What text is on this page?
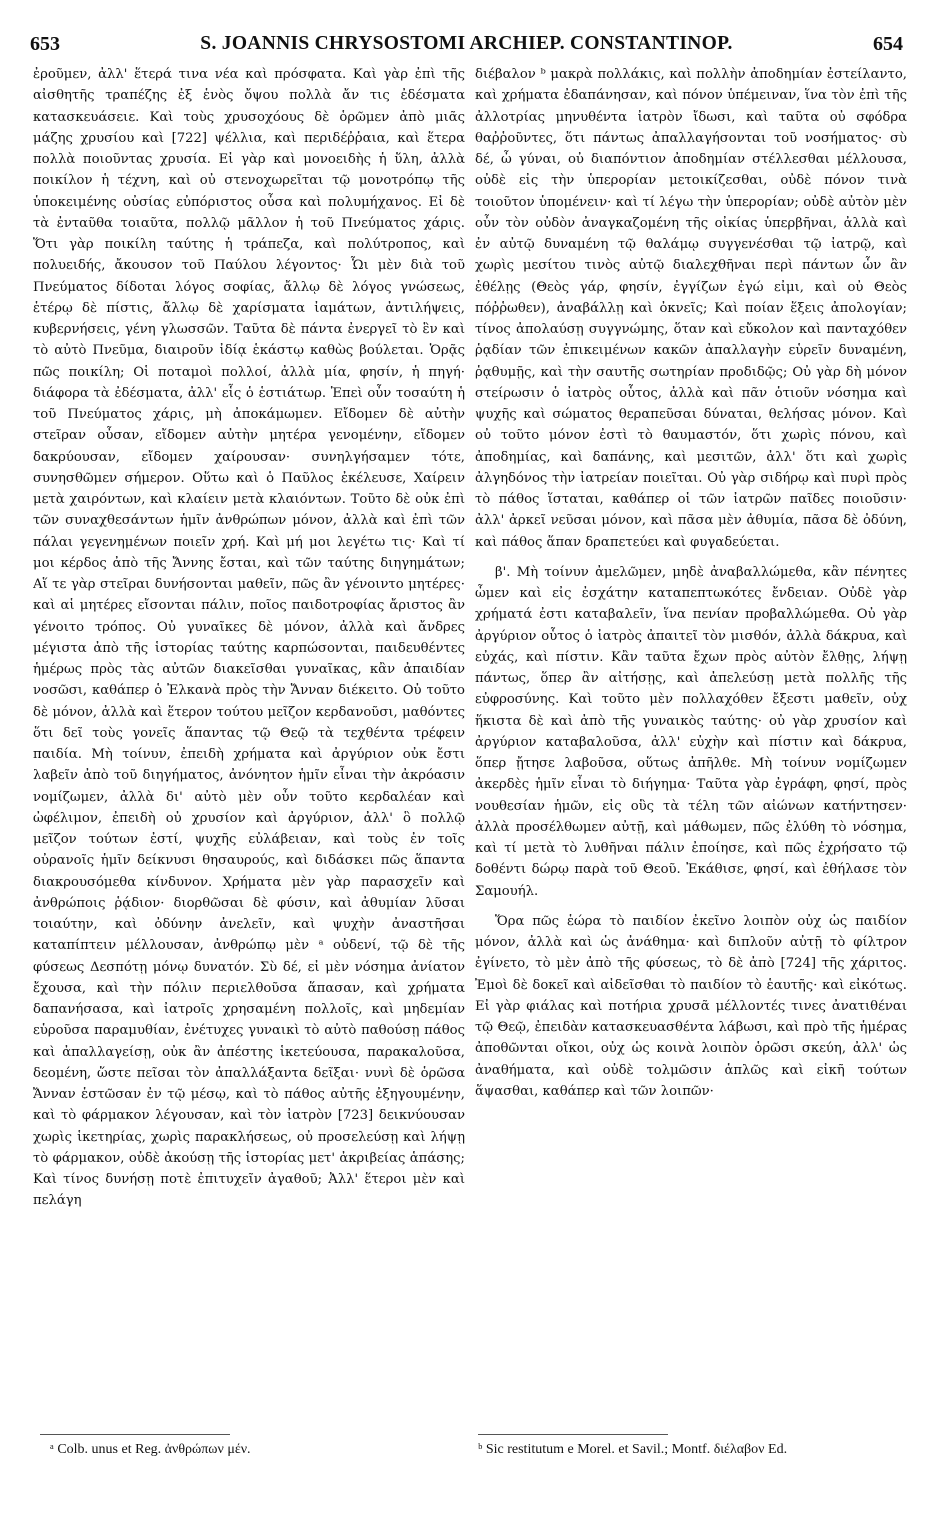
653	S. JOANNIS CHRYSOSTOMI ARCHIEP. CONSTANTINOP.	654

ἐροῦμεν, ἀλλ' ἕτερά τινα νέα καὶ πρόσφατα. Καὶ γὰρ ἐπὶ τῆς αἰσθητῆς τραπέζης ἐξ ἑνὸς ὄψου πολλὰ ἄν τις ἐδέσματα κατασκευάσειε. Καὶ τοὺς χρυσοχόους δὲ ὁρῶμεν ἀπὸ μιᾶς μάζης χρυσίου καὶ [722] ψέλλια, καὶ περιδέῤῥαια, καὶ ἕτερα πολλὰ ποιοῦντας χρυσία. Εἰ γὰρ καὶ μονοειδὴς ἡ ὕλη, ἀλλὰ ποικίλον ἡ τέχνη, καὶ οὐ στενοχωρεῖται τῷ μονοτρόπῳ τῆς ὑποκειμένης οὐσίας εὐπόριστος οὖσα καὶ πολυμήχανος. Εἰ δὲ τὰ ἐνταῦθα τοιαῦτα, πολλῷ μᾶλλον ἡ τοῦ Πνεύματος χάρις. Ὅτι γὰρ ποικίλη ταύτης ἡ τράπεζα, καὶ πολύτροπος, καὶ πολυειδής, ἄκουσον τοῦ Παύλου λέγοντος· Ὧι μὲν διὰ τοῦ Πνεύματος δίδοται λόγος σοφίας, ἄλλῳ δὲ λόγος γνώσεως, ἑτέρῳ δὲ πίστις, ἄλλῳ δὲ χαρίσματα ἰαμάτων, ἀντιλήψεις, κυβερνήσεις, γένη γλωσσῶν. Ταῦτα δὲ πάντα ἐνεργεῖ τὸ ἓν καὶ τὸ αὐτὸ Πνεῦμα, διαιροῦν ἰδίᾳ ἑκάστῳ καθὼς βούλεται. Ὁρᾷς πῶς ποικίλη; Οἱ ποταμοὶ πολλοί, ἀλλὰ μία, φησίν, ἡ πηγή· διάφορα τὰ ἐδέσματα, ἀλλ' εἷς ὁ ἑστιάτωρ. Ἐπεὶ οὖν τοσαύτη ἡ τοῦ Πνεύματος χάρις, μὴ ἀποκάμωμεν. Εἴδομεν δὲ αὐτὴν στεῖραν οὖσαν, εἴδομεν αὐτὴν μητέρα γενομένην, εἴδομεν δακρύουσαν, εἴδομεν χαίρουσαν· συνηλγήσαμεν τότε, συνησθῶμεν σήμερον. Οὕτω καὶ ὁ Παῦλος ἐκέλευσε, Χαίρειν μετὰ χαιρόντων, καὶ κλαίειν μετὰ κλαιόντων. Τοῦτο δὲ οὐκ ἐπὶ τῶν συναχθεσάντων ἡμῖν ἀνθρώπων μόνον, ἀλλὰ καὶ ἐπὶ τῶν πάλαι γεγενημένων ποιεῖν χρή. Καὶ μή μοι λεγέτω τις· Καὶ τί μοι κέρδος ἀπὸ τῆς Ἄννης ἔσται, καὶ τῶν ταύτης διηγημάτων; Αἵ τε γὰρ στεῖραι δυνήσονται μαθεῖν, πῶς ἂν γένοιντο μητέρες· καὶ αἱ μητέρες εἴσονται πάλιν, ποῖος παιδοτροφίας ἄριστος ἂν γένοιτο τρόπος. Οὐ γυναῖκες δὲ μόνον, ἀλλὰ καὶ ἄνδρες μέγιστα ἀπὸ τῆς ἱστορίας ταύτης καρπώσονται, παιδευθέντες ἡμέρως πρὸς τὰς αὐτῶν διακεῖσθαι γυναῖκας, κἂν ἀπαιδίαν νοσῶσι, καθάπερ ὁ Ἐλκανὰ πρὸς τὴν Ἄνναν διέκειτο. Οὐ τοῦτο δὲ μόνον, ἀλλὰ καὶ ἕτερον τούτου μεῖζον κερδανοῦσι, μαθόντες ὅτι δεῖ τοὺς γονεῖς ἅπαντας τῷ Θεῷ τὰ τεχθέντα τρέφειν παιδία. Μὴ τοίνυν, ἐπειδὴ χρήματα καὶ ἀργύριον οὐκ ἔστι λαβεῖν ἀπὸ τοῦ διηγήματος, ἀνόνητον ἡμῖν εἶναι τὴν ἀκρόασιν νομίζωμεν, ἀλλὰ δι' αὐτὸ μὲν οὖν τοῦτο κερδαλέαν καὶ ὠφέλιμον, ἐπειδὴ οὐ χρυσίον καὶ ἀργύριον, ἀλλ' ὃ πολλῷ μεῖζον τούτων ἐστί, ψυχῆς εὐλάβειαν, καὶ τοὺς ἐν τοῖς οὐρανοῖς ἡμῖν δείκνυσι θησαυρούς, καὶ διδάσκει πῶς ἅπαντα διακρουσόμεθα κίνδυνον. Χρήματα μὲν γὰρ παρασχεῖν καὶ ἀνθρώποις ῥᾴδιον· διορθῶσαι δὲ φύσιν, καὶ ἀθυμίαν λῦσαι τοιαύτην, καὶ ὀδύνην ἀνελεῖν, καὶ ψυχὴν ἀναστῆσαι καταπίπτειν μέλλουσαν, ἀνθρώπῳ μὲν ᵃ οὐδενί, τῷ δὲ τῆς φύσεως Δεσπότῃ μόνῳ δυνατόν. Σὺ δέ, εἰ μὲν νόσημα ἀνίατον ἔχουσα, καὶ τὴν πόλιν περιελθοῦσα ἅπασαν, καὶ χρήματα δαπανήσασα, καὶ ἰατροῖς χρησαμένη πολλοῖς, καὶ μηδεμίαν εὑροῦσα παραμυθίαν, ἐνέτυχες γυναικὶ τὸ αὐτὸ παθούσῃ πάθος καὶ ἀπαλλαγείσῃ, οὐκ ἂν ἀπέστης ἱκετεύουσα, παρακαλοῦσα, δεομένη, ὥστε πεῖσαι τὸν ἀπαλλάξαντα δεῖξαι· νυνὶ δὲ ὁρῶσα Ἄνναν ἑστῶσαν ἐν τῷ μέσῳ, καὶ τὸ πάθος αὐτῆς ἐξηγουμένην, καὶ τὸ φάρμακον λέγουσαν, καὶ τὸν ἰατρὸν [723] δεικνύουσαν χωρὶς ἱκετηρίας, χωρὶς παρακλήσεως, οὐ προσελεύσῃ καὶ λήψῃ τὸ φάρμακον, οὐδὲ ἀκούσῃ τῆς ἱστορίας μετ' ἀκριβείας ἁπάσης; Καὶ τίνος δυνήσῃ ποτὲ ἐπιτυχεῖν ἀγαθοῦ; Ἀλλ' ἕτεροι μὲν καὶ πελάγη

διέβαλον ᵇ μακρὰ πολλάκις, καὶ πολλὴν ἀποδημίαν ἐστείλαντο, καὶ χρήματα ἐδαπάνησαν, καὶ πόνον ὑπέμειναν, ἵνα τὸν ἐπὶ τῆς ἀλλοτρίας μηνυθέντα ἰατρὸν ἴδωσι, καὶ ταῦτα οὐ σφόδρα θαῤῥοῦντες, ὅτι πάντως ἀπαλλαγήσονται τοῦ νοσήματος· σὺ δέ, ὦ γύναι, οὐ διαπόντιον ἀποδημίαν στέλλεσθαι μέλλουσα, οὐδὲ εἰς τὴν ὑπερορίαν μετοικίζεσθαι, οὐδὲ πόνον τινὰ τοιοῦτον ὑπομένειν· καὶ τί λέγω τὴν ὑπερορίαν; οὐδὲ αὐτὸν μὲν οὖν τὸν οὐδὸν ἀναγκαζομένη τῆς οἰκίας ὑπερβῆναι, ἀλλὰ καὶ ἐν αὐτῷ δυναμένη τῷ θαλάμῳ συγγενέσθαι τῷ ἰατρῷ, καὶ χωρὶς μεσίτου τινὸς αὐτῷ διαλεχθῆναι περὶ πάντων ὧν ἂν ἐθέλῃς (Θεὸς γάρ, φησίν, ἐγγίζων ἐγώ εἰμι, καὶ οὐ Θεὸς πόῤῥωθεν), ἀναβάλλῃ καὶ ὀκνεῖς; Καὶ ποίαν ἕξεις ἀπολογίαν; τίνος ἀπολαύσῃ συγγνώμης, ὅταν καὶ εὔκολον καὶ πανταχόθεν ῥᾳδίαν τῶν ἐπικειμένων κακῶν ἀπαλλαγὴν εὑρεῖν δυναμένη, ῥᾳθυμῇς, καὶ τὴν σαυτῆς σωτηρίαν προδιδῷς; Οὐ γὰρ δὴ μόνον στείρωσιν ὁ ἰατρὸς οὗτος, ἀλλὰ καὶ πᾶν ὁτιοῦν νόσημα καὶ ψυχῆς καὶ σώματος θεραπεῦσαι δύναται, θελήσας μόνον. Καὶ οὐ τοῦτο μόνον ἐστὶ τὸ θαυμαστόν, ὅτι χωρὶς πόνου, καὶ ἀποδημίας, καὶ δαπάνης, καὶ μεσιτῶν, ἀλλ' ὅτι καὶ χωρὶς ἀλγηδόνος τὴν ἰατρείαν ποιεῖται. Οὐ γὰρ σιδήρῳ καὶ πυρὶ πρὸς τὸ πάθος ἵσταται, καθάπερ οἱ τῶν ἰατρῶν παῖδες ποιοῦσιν· ἀλλ' ἀρκεῖ νεῦσαι μόνον, καὶ πᾶσα μὲν ἀθυμία, πᾶσα δὲ ὀδύνη, καὶ πάθος ἅπαν δραπετεύει καὶ φυγαδεύεται.

β'. Μὴ τοίνυν ἀμελῶμεν, μηδὲ ἀναβαλλώμεθα, κἂν πένητες ὦμεν καὶ εἰς ἐσχάτην καταπεπτωκότες ἔνδειαν. Οὐδὲ γὰρ χρήματά ἐστι καταβαλεῖν, ἵνα πενίαν προβαλλώμεθα. Οὐ γὰρ ἀργύριον οὗτος ὁ ἰατρὸς ἀπαιτεῖ τὸν μισθόν, ἀλλὰ δάκρυα, καὶ εὐχάς, καὶ πίστιν. Κἂν ταῦτα ἔχων πρὸς αὐτὸν ἔλθῃς, λήψῃ πάντως, ὅπερ ἂν αἰτήσῃς, καὶ ἀπελεύσῃ μετὰ πολλῆς τῆς εὐφροσύνης. Καὶ τοῦτο μὲν πολλαχόθεν ἔξεστι μαθεῖν, οὐχ ἥκιστα δὲ καὶ ἀπὸ τῆς γυναικὸς ταύτης· οὐ γὰρ χρυσίον καὶ ἀργύριον καταβαλοῦσα, ἀλλ' εὐχὴν καὶ πίστιν καὶ δάκρυα, ὅπερ ᾔτησε λαβοῦσα, οὕτως ἀπῆλθε. Μὴ τοίνυν νομίζωμεν ἀκερδὲς ἡμῖν εἶναι τὸ διήγημα· Ταῦτα γὰρ ἐγράφη, φησί, πρὸς νουθεσίαν ἡμῶν, εἰς οὓς τὰ τέλη τῶν αἰώνων κατήντησεν· ἀλλὰ προσέλθωμεν αὐτῇ, καὶ μάθωμεν, πῶς ἐλύθη τὸ νόσημα, καὶ τί μετὰ τὸ λυθῆναι πάλιν ἐποίησε, καὶ πῶς ἐχρήσατο τῷ δοθέντι δώρῳ παρὰ τοῦ Θεοῦ. Ἐκάθισε, φησί, καὶ ἐθήλασε τὸν Σαμουήλ.

Ὅρα πῶς ἑώρα τὸ παιδίον ἐκεῖνο λοιπὸν οὐχ ὡς παιδίον μόνον, ἀλλὰ καὶ ὡς ἀνάθημα· καὶ διπλοῦν αὐτῇ τὸ φίλτρον ἐγίνετο, τὸ μὲν ἀπὸ τῆς φύσεως, τὸ δὲ ἀπὸ [724] τῆς χάριτος. Ἐμοὶ δὲ δοκεῖ καὶ αἰδεῖσθαι τὸ παιδίον τὸ ἑαυτῆς· καὶ εἰκότως. Εἰ γὰρ φιάλας καὶ ποτήρια χρυσᾶ μέλλοντές τινες ἀνατιθέναι τῷ Θεῷ, ἐπειδὰν κατασκευασθέντα λάβωσι, καὶ πρὸ τῆς ἡμέρας ἀποθῶνται οἴκοι, οὐχ ὡς κοινὰ λοιπὸν ὁρῶσι σκεύη, ἀλλ' ὡς ἀναθήματα, καὶ οὐδὲ τολμῶσιν ἁπλῶς καὶ εἰκῆ τούτων ἅψασθαι, καθάπερ καὶ τῶν λοιπῶν·

ᵃ Colb. unus et Reg. ἀνθρώπων μέν.	ᵇ Sic restitutum e Morel. et Savil.; Montf. διέλαβον Ed.
